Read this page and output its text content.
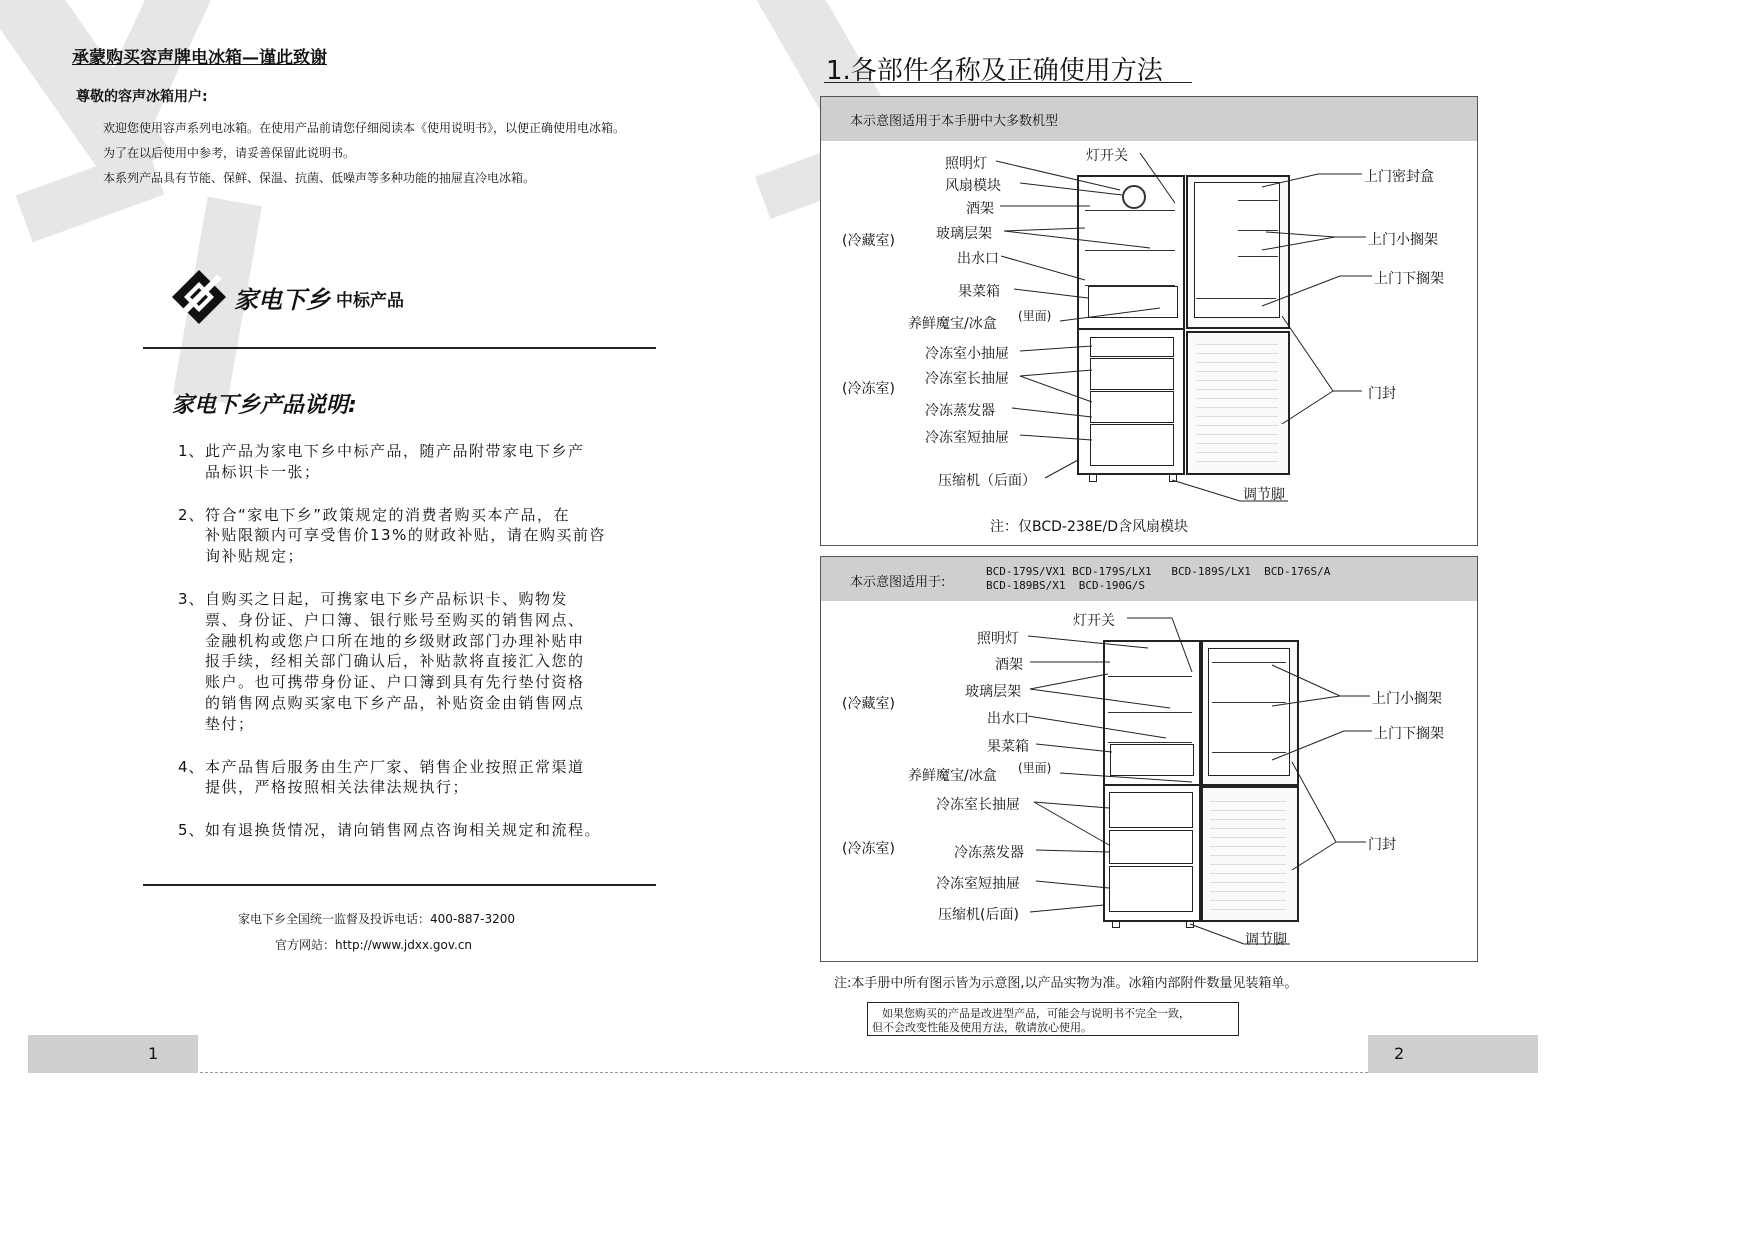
承蒙购买容声牌电冰箱—谨此致谢
尊敬的容声冰箱用户:
欢迎您使用容声系列电冰箱。在使用产品前请您仔细阅读本《使用说明书》，以便正确使用电冰箱。
为了在以后使用中参考，请妥善保留此说明书。
本系列产品具有节能、保鲜、保温、抗菌、低噪声等多种功能的抽屉直冷电冰箱。
家电下乡 中标产品
家电下乡产品说明:
1、 此产品为家电下乡中标产品，随产品附带家电下乡产
品标识卡一张；
2、 符合“家电下乡”政策规定的消费者购买本产品，在
补贴限额内可享受售价13%的财政补贴，请在购买前咨
询补贴规定；
3、 自购买之日起，可携家电下乡产品标识卡、购物发
票、身份证、户口簿、银行账号至购买的销售网点、
金融机构或您户口所在地的乡级财政部门办理补贴申
报手续，经相关部门确认后，补贴款将直接汇入您的
账户。也可携带身份证、户口簿到具有先行垫付资格
的销售网点购买家电下乡产品，补贴资金由销售网点
垫付；
4、 本产品售后服务由生产厂家、销售企业按照正常渠道
提供，严格按照相关法律法规执行；
5、 如有退换货情况，请向销售网点咨询相关规定和流程。
家电下乡全国统一监督及投诉电话：400-887-3200
官方网站：http://www.jdxx.gov.cn
1
1.各部件名称及正确使用方法
本示意图适用于本手册中大多数机型
(冷藏室)
(冷冻室)
照明灯
风扇模块
酒架
玻璃层架
出水口
果菜箱
养鲜魔宝/冰盒 (里面)
冷冻室小抽屉
冷冻室长抽屉
冷冻蒸发器
冷冻室短抽屉
压缩机（后面）
灯开关
上门密封盒
上门小搁架
上门下搁架
门封
调节脚
注：仅BCD-238E/D含风扇模块
本示意图适用于:
BCD-179S/VX1 BCD-179S/LX1   BCD-189S/LX1  BCD-176S/A
BCD-189BS/X1  BCD-190G/S
(冷藏室)
(冷冻室)
照明灯
酒架
玻璃层架
出水口
果菜箱
养鲜魔宝/冰盒 (里面)
冷冻室长抽屉
冷冻蒸发器
冷冻室短抽屉
压缩机(后面)
灯开关
上门小搁架
上门下搁架
门封
调节脚
注:本手册中所有图示皆为示意图,以产品实物为准。冰箱内部附件数量见装箱单。
如果您购买的产品是改进型产品，可能会与说明书不完全一致，
但不会改变性能及使用方法，敬请放心使用。
2
